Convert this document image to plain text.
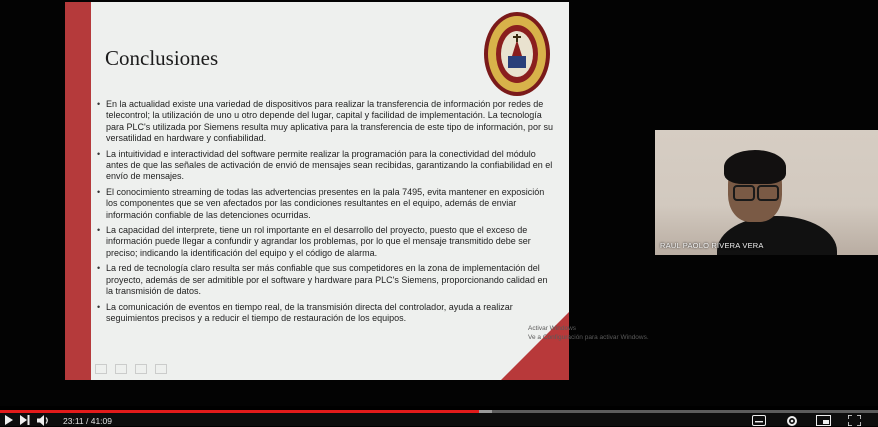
Conclusiones
• En la actualidad existe una variedad de dispositivos para realizar la transferencia de información por redes de telecontrol; la utilización de uno u otro depende del lugar, capital y facilidad de implementación. La tecnología para PLC's utilizada por Siemens resulta muy aplicativa para la transferencia de este tipo de información, por su versatilidad en hardware y confiabilidad.
• La intuitividad e interactividad del software permite realizar la programación para la conectividad del módulo antes de que las señales de activación de envió de mensajes sean recibidas, garantizando la confiabilidad en el envío de mensajes.
• El conocimiento streaming de todas las advertencias presentes en la pala 7495, evita mantener en exposición los componentes que se ven afectados por las condiciones resultantes en el equipo, además de enviar información confiable de las detenciones ocurridas.
• La capacidad del interprete, tiene un rol importante en el desarrollo del proyecto, puesto que el exceso de información puede llegar a confundir y agrandar los problemas, por lo que el mensaje transmitido debe ser preciso; indicando la identificación del equipo y el código de alarma.
• La red de tecnología claro resulta ser más confiable que sus competidores en la zona de implementación del proyecto, además de ser admitible por el software y hardware para PLC's Siemens, proporcionando calidad en la transmisión de datos.
• La comunicación de eventos en tiempo real, de la transmisión directa del controlador, ayuda a realizar seguimientos precisos y a reducir el tiempo de restauración de los equipos.
Activar Windows
Ve a Configuración para activar Windows.
RAUL PAOLO RIVERA VERA
23:11 / 41:09
